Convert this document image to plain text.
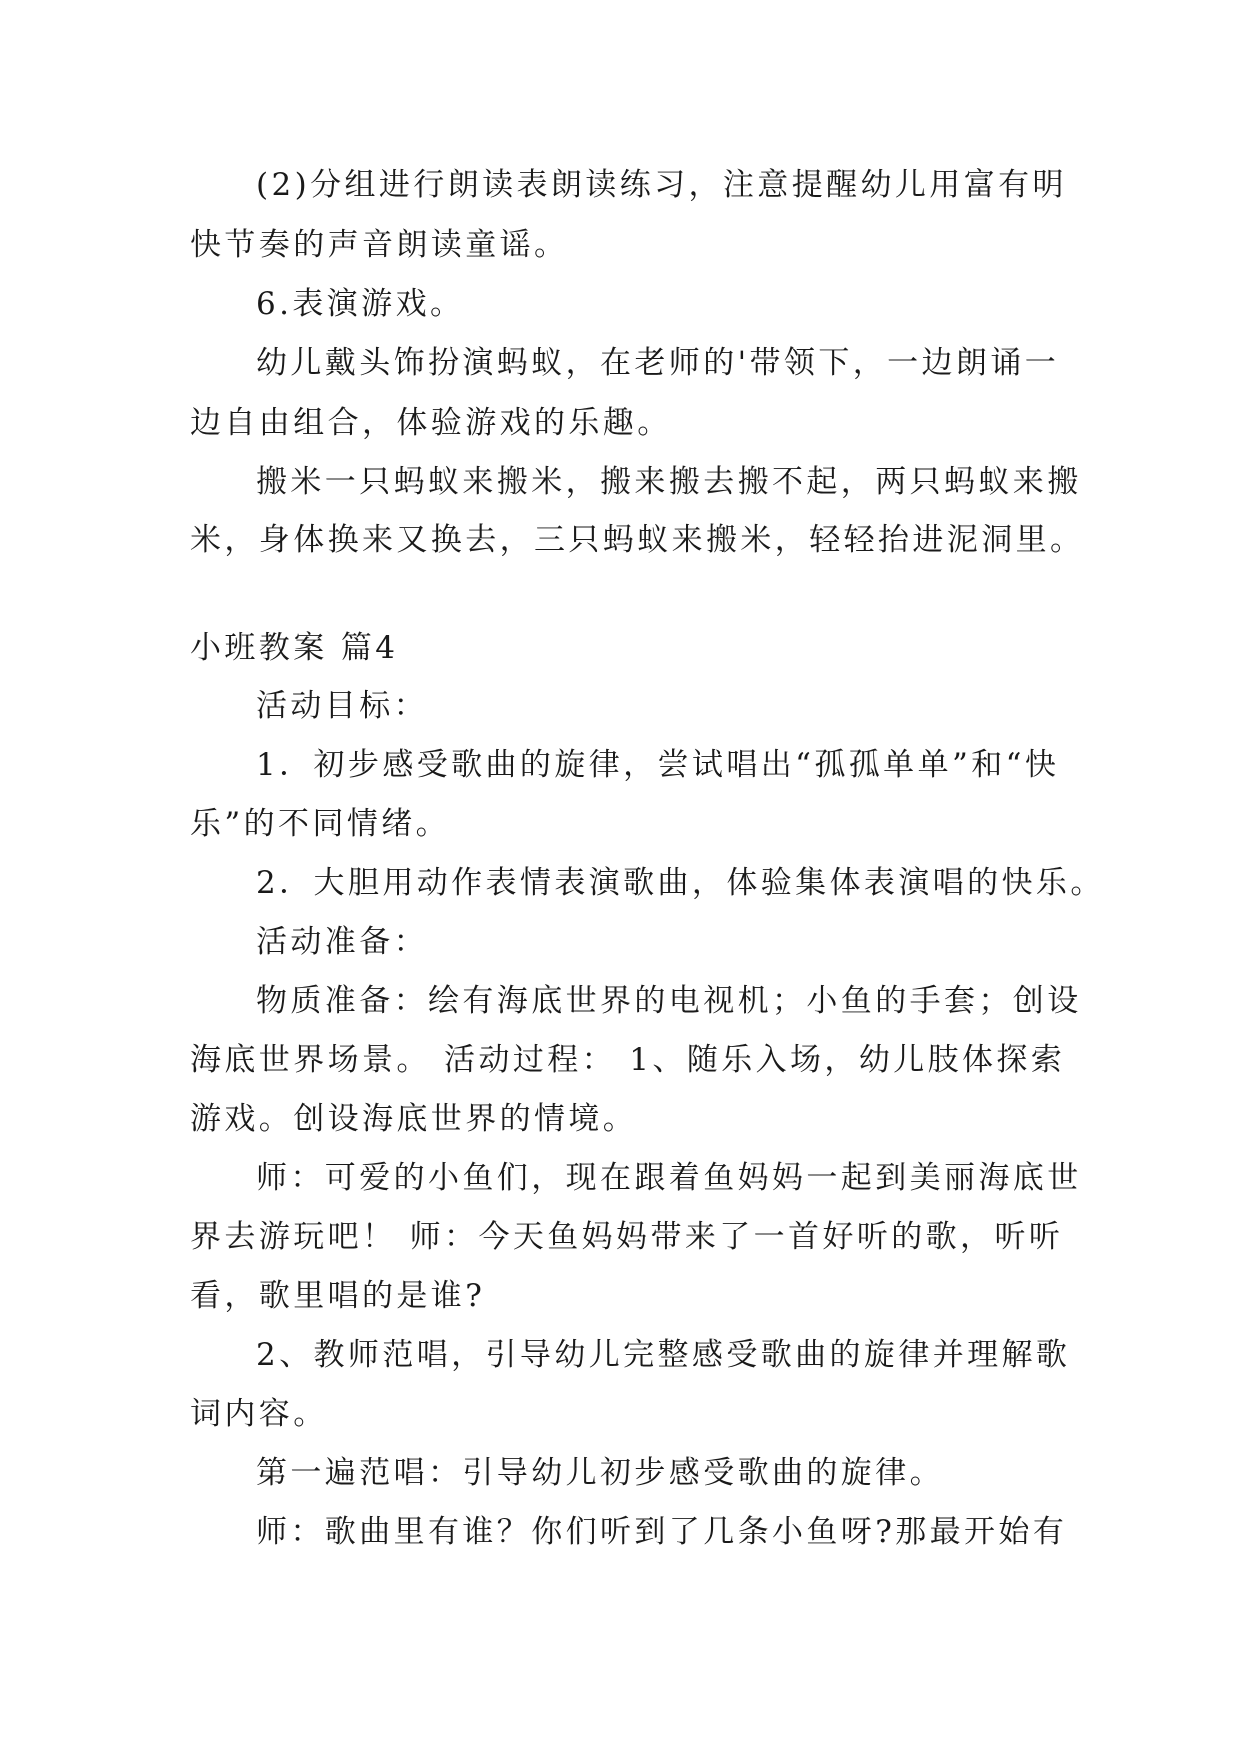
(2)分组进行朗读表朗读练习，注意提醒幼儿用富有明
快节奏的声音朗读童谣。
6.表演游戏。
幼儿戴头饰扮演蚂蚁，在老师的'带领下，一边朗诵一
边自由组合，体验游戏的乐趣。
搬米一只蚂蚁来搬米，搬来搬去搬不起，两只蚂蚁来搬
米，身体换来又换去，三只蚂蚁来搬米，轻轻抬进泥洞里。
小班教案 篇4
活动目标：
1．初步感受歌曲的旋律，尝试唱出“孤孤单单”和“快
乐”的不同情绪。
2．大胆用动作表情表演歌曲，体验集体表演唱的快乐。
活动准备：
物质准备：绘有海底世界的电视机；小鱼的手套；创设
海底世界场景。 活动过程： 1、随乐入场，幼儿肢体探索
游戏。创设海底世界的情境。
师：可爱的小鱼们，现在跟着鱼妈妈一起到美丽海底世
界去游玩吧！ 师：今天鱼妈妈带来了一首好听的歌，听听
看，歌里唱的是谁?
2、教师范唱，引导幼儿完整感受歌曲的旋律并理解歌
词内容。
第一遍范唱：引导幼儿初步感受歌曲的旋律。
师：歌曲里有谁？你们听到了几条小鱼呀?那最开始有
